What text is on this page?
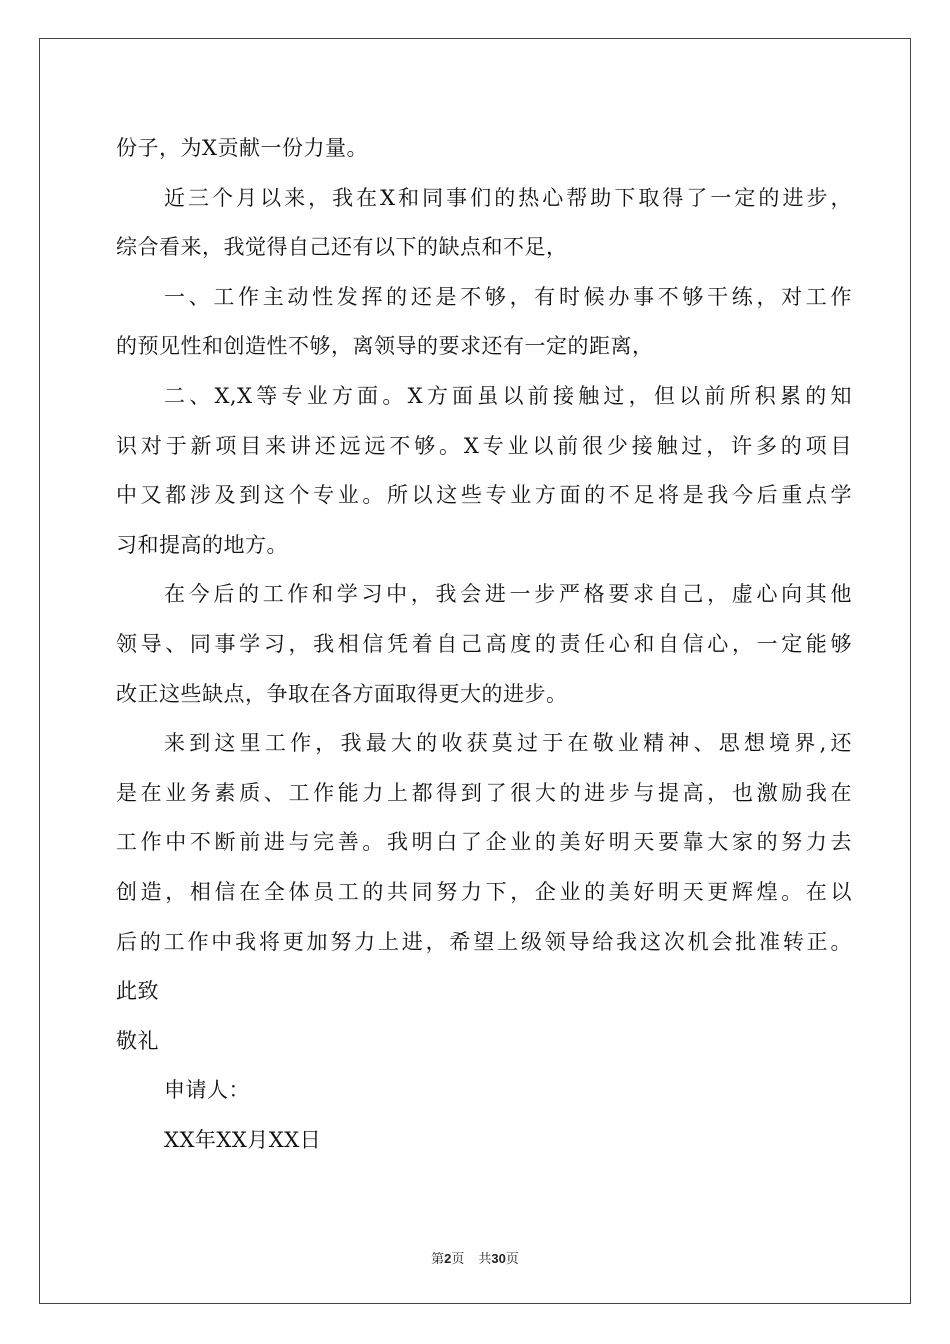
份子，为X贡献一份力量。
近三个月以来，我在X和同事们的热心帮助下取得了一定的进步，
综合看来，我觉得自己还有以下的缺点和不足，
一、工作主动性发挥的还是不够，有时候办事不够干练，对工作
的预见性和创造性不够，离领导的要求还有一定的距离，
二、X,X等专业方面。X方面虽以前接触过，但以前所积累的知
识对于新项目来讲还远远不够。X专业以前很少接触过，许多的项目
中又都涉及到这个专业。所以这些专业方面的不足将是我今后重点学
习和提高的地方。
在今后的工作和学习中，我会进一步严格要求自己，虚心向其他
领导、同事学习，我相信凭着自己高度的责任心和自信心，一定能够
改正这些缺点，争取在各方面取得更大的进步。
来到这里工作，我最大的收获莫过于在敬业精神、思想境界,还
是在业务素质、工作能力上都得到了很大的进步与提高，也激励我在
工作中不断前进与完善。我明白了企业的美好明天要靠大家的努力去
创造，相信在全体员工的共同努力下，企业的美好明天更辉煌。在以
后的工作中我将更加努力上进，希望上级领导给我这次机会批准转正。
此致
敬礼
申请人：
XX年XX月XX日
第2页 共30页
